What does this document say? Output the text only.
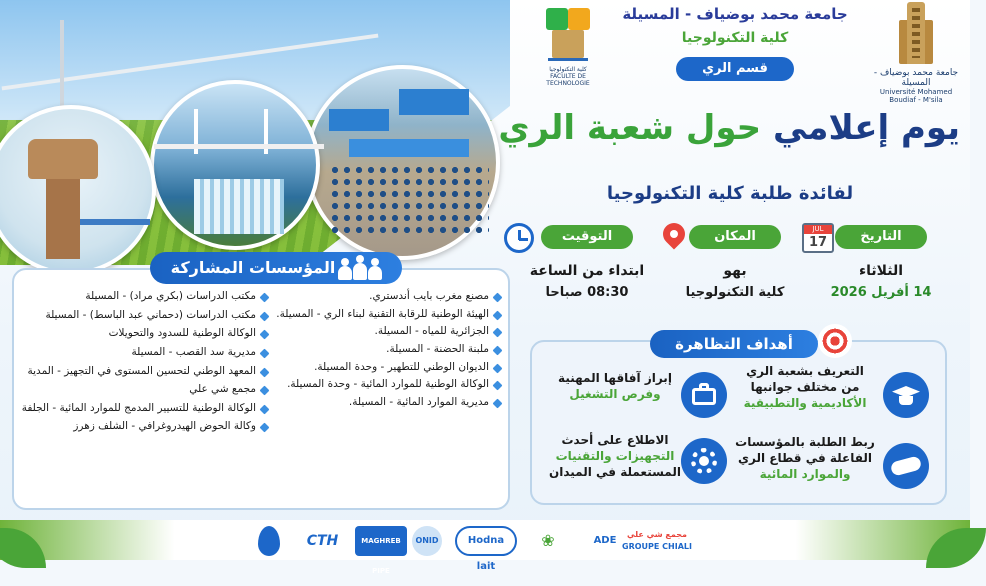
جامعة محمد بوضياف - المسيلة
Université Mohamed Boudiaf - M'sila
كلية التكنولوجيا
FACULTE DE TECHNOLOGIE
جامعة محمد بوضياف - المسيلة
كلية التكنولوجيا
قسم الري
يوم إعلامي حول شعبة الري
لفائدة طلبة كلية التكنولوجيا
JUL
17	التاريخ
الثلاثاء
14 أفريل 2026
المكان
بهو
كلية التكنولوجيا
التوقيت
ابتداء من الساعة
08:30 صباحا
المؤسسات المشاركة
مصنع مغرب بايب أندستري.
الهيئة الوطنية للرقابة التقنية لبناء الري - المسيلة.
الجزائرية للمياه - المسيلة.
ملبنة الحضنة - المسيلة.
الديوان الوطني للتطهير - وحدة المسيلة.
الوكالة الوطنية للموارد المائية - وحدة المسيلة.
مديرية الموارد المائية - المسيلة.
مكتب الدراسات (بكري مراد) - المسيلة
مكتب الدراسات (دحماني عبد الباسط) - المسيلة
الوكالة الوطنية للسدود والتحويلات
مديرية سد القصب - المسيلة
المعهد الوطني لتحسين المستوى في التجهيز - المدية
مجمع شي علي
الوكالة الوطنية للتسيير المدمج للموارد المائية - الجلفة
وكالة الحوض الهيدروغرافي - الشلف زهرز
أهداف التظاهرة
التعريف بشعبة الري
من مختلف جوانبها
الأكاديمية والتطبيقية
إبراز آفاقها المهنية
وفرص التشغيل
ربط الطلبة بالمؤسسات
الفاعلة في قطاع الري
والموارد المائية
الاطلاع على أحدث
التجهيزات والتقنيات
المستعملة في الميدان
CTH	MAGHREB PIPE
ONID	Hodna lait
❀	ADE
مجمع شي علي
GROUPE CHIALI
